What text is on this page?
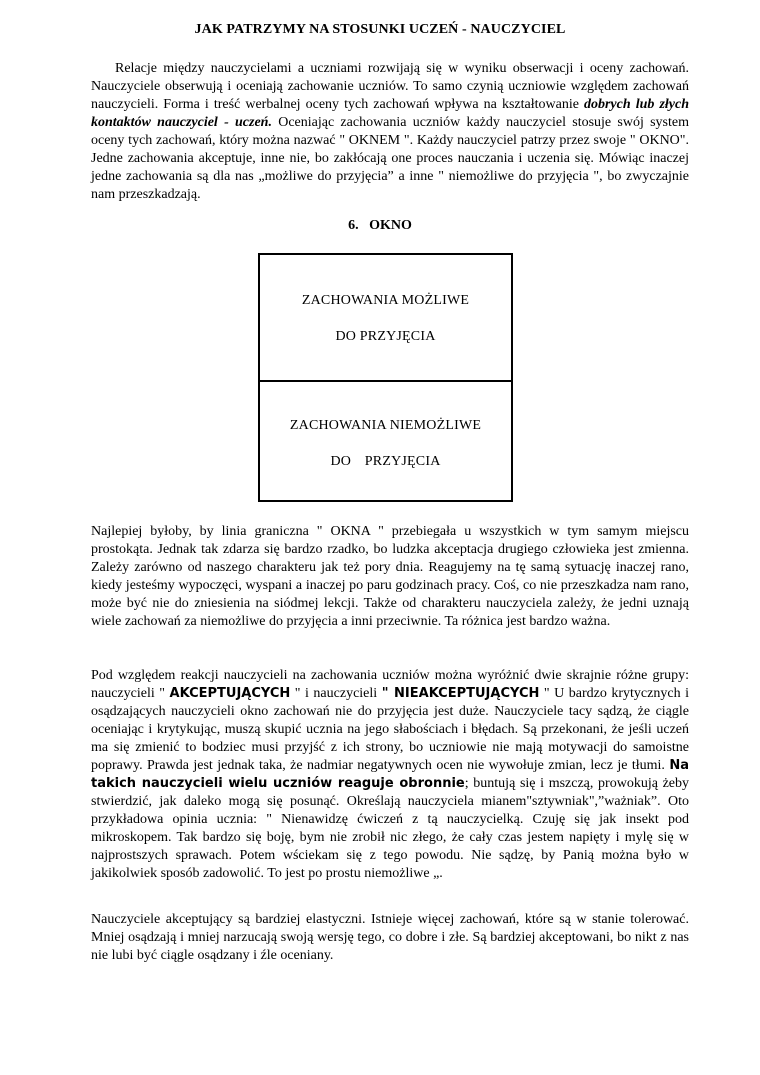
JAK PATRZYMY NA STOSUNKI UCZEŃ - NAUCZYCIEL

Relacje między nauczycielami a uczniami rozwijają się w wyniku obserwacji i oceny zachowań. Nauczyciele obserwują i oceniają zachowanie uczniów. To samo czynią uczniowie względem zachowań nauczycieli. Forma i treść werbalnej oceny tych zachowań wpływa na kształtowanie dobrych lub złych kontaktów nauczyciel - uczeń. Oceniając zachowania uczniów każdy nauczyciel stosuje swój system oceny tych zachowań, który można nazwać " OKNEM ". Każdy nauczyciel patrzy przez swoje " OKNO". Jedne zachowania akceptuje, inne nie, bo zakłócają one proces nauczania i uczenia się. Mówiąc inaczej jedne zachowania są dla nas „możliwe do przyjęcia” a inne " niemożliwe do przyjęcia ", bo zwyczajnie nam przeszkadzają.

6.   OKNO
ZACHOWANIA MOŻLIWE
DO PRZYJĘCIA
ZACHOWANIA NIEMOŻLIWE
DO PRZYJĘCIA

Najlepiej byłoby, by linia graniczna " OKNA " przebiegała u wszystkich w tym samym miejscu prostokąta. Jednak tak zdarza się bardzo rzadko, bo ludzka akceptacja drugiego człowieka jest zmienna. Zależy zarówno od naszego charakteru jak też pory dnia. Reagujemy na tę samą sytuację inaczej rano, kiedy jesteśmy wypoczęci, wyspani a inaczej po paru godzinach pracy. Coś, co nie przeszkadza nam rano, może być nie do zniesienia na siódmej lekcji. Także od charakteru nauczyciela zależy, że jedni uznają wiele zachowań za niemożliwe do przyjęcia a inni przeciwnie. Ta różnica jest bardzo ważna.

Pod względem reakcji nauczycieli na zachowania uczniów można wyróżnić dwie skrajnie różne grupy: nauczycieli " AKCEPTUJĄCYCH " i nauczycieli " NIEAKCEPTUJĄCYCH " U bardzo krytycznych i osądzających nauczycieli okno zachowań nie do przyjęcia jest duże. Nauczyciele tacy sądzą, że ciągle oceniając i krytykując, muszą skupić ucznia na jego słabościach i błędach. Są przekonani, że jeśli uczeń ma się zmienić to bodziec musi przyjść z ich strony, bo uczniowie nie mają motywacji do samoistne poprawy. Prawda jest jednak taka, że nadmiar negatywnych ocen nie wywołuje zmian, lecz je tłumi. Na takich nauczycieli wielu uczniów reaguje obronnie; buntują się i mszczą, prowokują żeby stwierdzić, jak daleko mogą się posunąć. Określają nauczyciela mianem"sztywniak",”ważniak”. Oto przykładowa opinia ucznia: " Nienawidzę ćwiczeń z tą nauczycielką. Czuję się jak insekt pod mikroskopem. Tak bardzo się boję, bym nie zrobił nic złego, że cały czas jestem napięty i mylę się w najprostszych sprawach. Potem wściekam się z tego powodu. Nie sądzę, by Panią można było w jakikolwiek sposób zadowolić. To jest po prostu niemożliwe „.

Nauczyciele akceptujący są bardziej elastyczni. Istnieje więcej zachowań, które są w stanie tolerować. Mniej osądzają i mniej narzucają swoją wersję tego, co dobre i złe. Są bardziej akceptowani, bo nikt z nas nie lubi być ciągle osądzany i źle oceniany.
